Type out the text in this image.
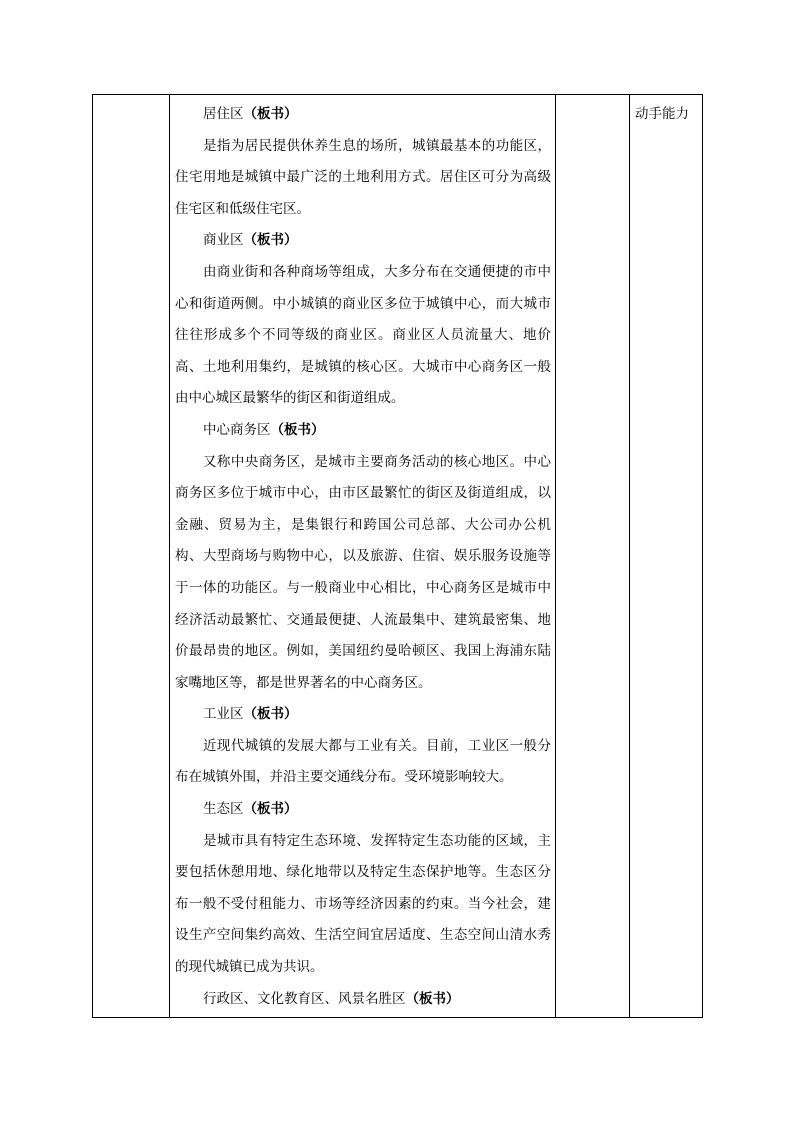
居住区（板书）

是指为居民提供休养生息的场所，城镇最基本的功能区，住宅用地是城镇中最广泛的土地利用方式。居住区可分为高级住宅区和低级住宅区。

商业区（板书）

由商业街和各种商场等组成，大多分布在交通便捷的市中心和街道两侧。中小城镇的商业区多位于城镇中心，而大城市往往形成多个不同等级的商业区。商业区人员流量大、地价高、土地利用集约，是城镇的核心区。大城市中心商务区一般由中心城区最繁华的街区和街道组成。

中心商务区（板书）

又称中央商务区，是城市主要商务活动的核心地区。中心商务区多位于城市中心，由市区最繁忙的街区及街道组成，以金融、贸易为主，是集银行和跨国公司总部、大公司办公机构、大型商场与购物中心，以及旅游、住宿、娱乐服务设施等于一体的功能区。与一般商业中心相比，中心商务区是城市中经济活动最繁忙、交通最便捷、人流最集中、建筑最密集、地价最昂贵的地区。例如，美国纽约曼哈顿区、我国上海浦东陆家嘴地区等，都是世界著名的中心商务区。

工业区（板书）

近现代城镇的发展大都与工业有关。目前，工业区一般分布在城镇外围，并沿主要交通线分布。受环境影响较大。

生态区（板书）

是城市具有特定生态环境、发挥特定生态功能的区域，主要包括休憩用地、绿化地带以及特定生态保护地等。生态区分布一般不受付租能力、市场等经济因素的约束。当今社会，建设生产空间集约高效、生活空间宜居适度、生态空间山清水秀的现代城镇已成为共识。

行政区、文化教育区、风景名胜区（板书）

动手能力
